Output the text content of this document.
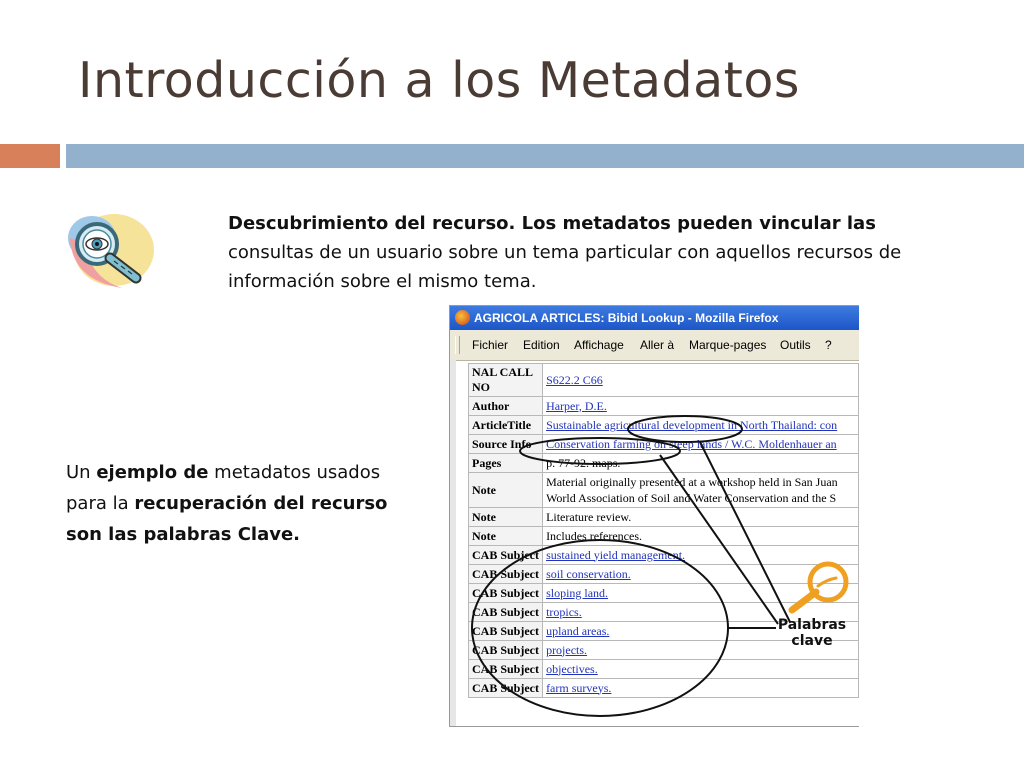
Introducción a los Metadatos
Descubrimiento del recurso. Los metadatos pueden vincular las consultas de un usuario sobre un tema particular con aquellos recursos de información sobre el mismo tema.
Un ejemplo de metadatos usados para la recuperación del recurso son las palabras Clave.
AGRICOLA ARTICLES: Bibid Lookup - Mozilla Firefox
Fichier Edition Affichage Aller à Marque-pages Outils ?
NAL CALL NO	S622.2 C66
Author	Harper, D.E.
ArticleTitle	Sustainable agricultural development in North Thailand: con
Source Info	Conservation farming on steep lands / W.C. Moldenhauer an
Pages	p. 77-92. maps.
Note	Material originally presented at a workshop held in San Juan World Association of Soil and Water Conservation and the S
Note	Literature review.
Note	Includes references.
CAB Subject	sustained yield management.
CAB Subject	soil conservation.
CAB Subject	sloping land.
CAB Subject	tropics.
CAB Subject	upland areas.
CAB Subject	projects.
CAB Subject	objectives.
CAB Subject	farm surveys.
Palabras
clave
